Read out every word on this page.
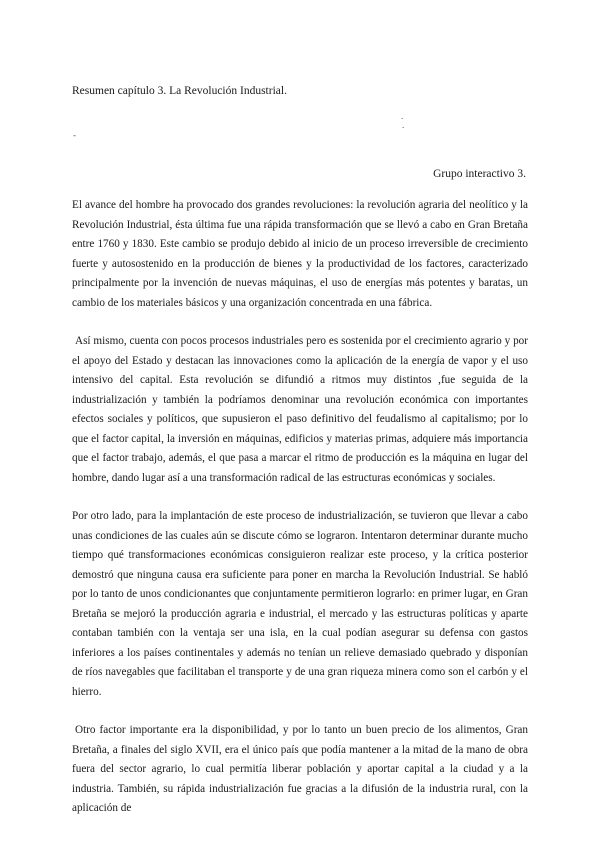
Resumen capítulo 3. La Revolución Industrial.
.
.
-
Grupo interactivo 3.

El avance del hombre ha provocado dos grandes revoluciones: la revolución agraria del neolítico y la Revolución Industrial, ésta última fue una rápida transformación que se llevó a cabo en Gran Bretaña entre 1760 y 1830. Este cambio se produjo debido al inicio de un proceso irreversible de crecimiento fuerte y autosostenido en la producción de bienes y la productividad de los factores, caracterizado principalmente por la invención de nuevas máquinas, el uso de energías más potentes y baratas, un cambio de los materiales básicos y una organización concentrada en una fábrica.

Así mismo, cuenta con pocos procesos industriales pero es sostenida por el crecimiento agrario y por el apoyo del Estado y destacan las innovaciones como la aplicación de la energía de vapor y el uso intensivo del capital. Esta revolución se difundió a ritmos muy distintos ,fue seguida de la industrialización y también la podríamos denominar una revolución económica con importantes efectos sociales y políticos, que supusieron el paso definitivo del feudalismo al capitalismo; por lo que el factor capital, la inversión en máquinas, edificios y materias primas, adquiere más importancia que el factor trabajo, además, el que pasa a marcar el ritmo de producción es la máquina en lugar del hombre, dando lugar así a una transformación radical de las estructuras económicas y sociales.

Por otro lado, para la implantación de este proceso de industrialización, se tuvieron que llevar a cabo unas condiciones de las cuales aún se discute cómo se lograron. Intentaron determinar durante mucho tiempo qué transformaciones económicas consiguieron realizar este proceso, y la crítica posterior demostró que ninguna causa era suficiente para poner en marcha la Revolución Industrial. Se habló por lo tanto de unos condicionantes que conjuntamente permitieron lograrlo: en primer lugar, en Gran Bretaña se mejoró la producción agraria e industrial, el mercado y las estructuras políticas y aparte contaban también con la ventaja ser una isla, en la cual podían asegurar su defensa con gastos inferiores a los países continentales y además no tenían un relieve demasiado quebrado y disponían de ríos navegables que facilitaban el transporte y de una gran riqueza minera como son el carbón y el hierro.

Otro factor importante era la disponibilidad, y por lo tanto un buen precio de los alimentos, Gran Bretaña, a finales del siglo XVII, era el único país que podía mantener a la mitad de la mano de obra fuera del sector agrario, lo cual permitía liberar población y aportar capital a la ciudad y a la industria. También, su rápida industrialización fue gracias a la difusión de la industria rural, con la aplicación de
